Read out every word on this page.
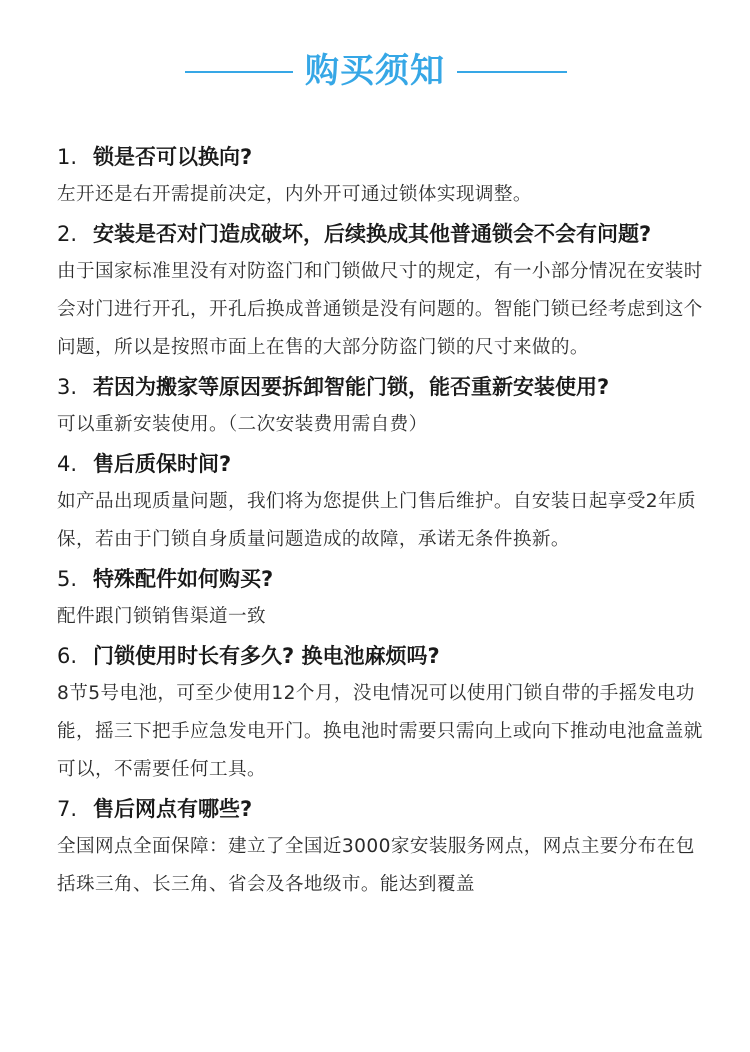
购买须知

1. 锁是否可以换向?

左开还是右开需提前决定，内外开可通过锁体实现调整。

2. 安装是否对门造成破坏，后续换成其他普通锁会不会有问题?

由于国家标准里没有对防盗门和门锁做尺寸的规定，有一小部分情况在安装时会对门进行开孔，开孔后换成普通锁是没有问题的。智能门锁已经考虑到这个问题，所以是按照市面上在售的大部分防盗门锁的尺寸来做的。

3. 若因为搬家等原因要拆卸智能门锁，能否重新安装使用?

可以重新安装使用。（二次安装费用需自费）

4. 售后质保时间?

如产品出现质量问题，我们将为您提供上门售后维护。自安装日起享受2年质保，若由于门锁自身质量问题造成的故障，承诺无条件换新。

5. 特殊配件如何购买?

配件跟门锁销售渠道一致

6. 门锁使用时长有多久? 换电池麻烦吗?

8节5号电池，可至少使用12个月，没电情况可以使用门锁自带的手摇发电功能，摇三下把手应急发电开门。换电池时需要只需向上或向下推动电池盒盖就可以，不需要任何工具。

7. 售后网点有哪些?

全国网点全面保障：建立了全国近3000家安装服务网点，网点主要分布在包括珠三角、长三角、省会及各地级市。能达到覆盖
